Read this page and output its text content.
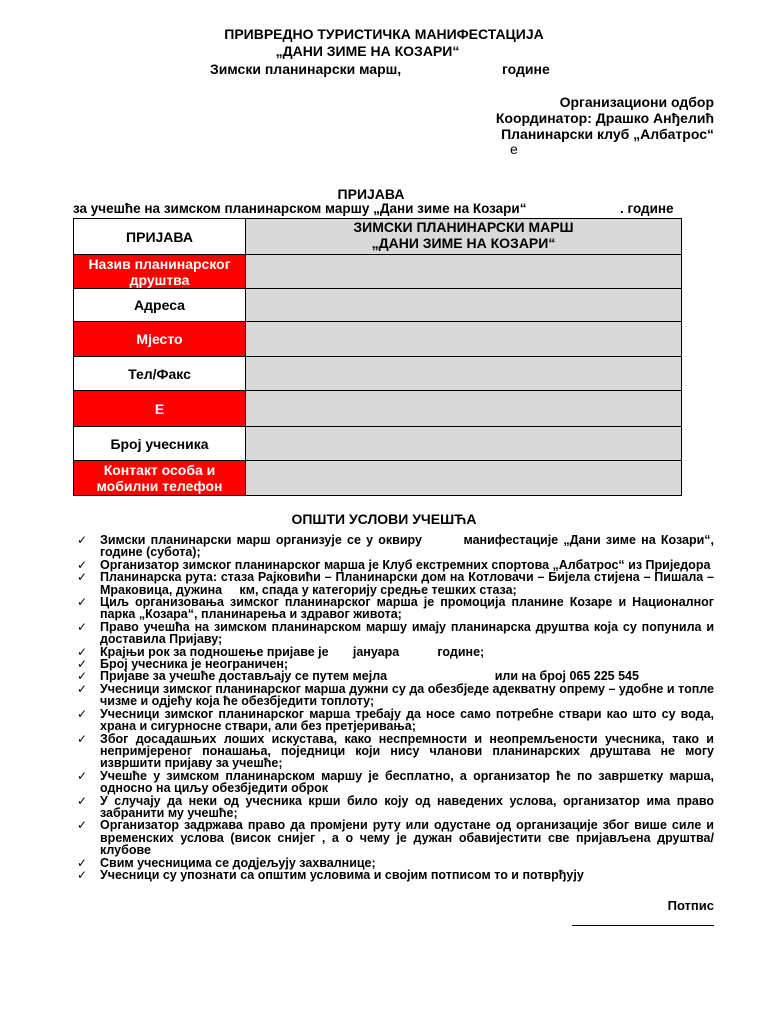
ПРИВРЕДНО ТУРИСТИЧКА МАНИФЕСТАЦИЈА
„ДАНИ ЗИМЕ НА КОЗАРИ“
Зимски планинарски марш,	године
Организациони одбор
Координатор: Драшко Анђелић
Планинарски клуб „Албатрос“
e
ПРИЈАВА
за учешће на зимском планинарском маршу „Дани зиме на Козари“	. године
ПРИЈАВА	ЗИМСКИ ПЛАНИНАРСКИ МАРШ
„ДАНИ ЗИМЕ НА КОЗАРИ“

Назив планинарског друштва	
Адреса	
Мјесто	
Тел/Факс	
Е	
Број учесника	
Контакт особа и мобилни телефон	
ОПШТИ УСЛОВИ УЧЕШЋА
✓ Зимски планинарски марш организује се у оквиру        манифестације „Дани зиме на Козари“,            године (субота);
✓ Организатор зимског планинарског марша је Клуб екстремних спортова „Албатрос“ из Приједора
✓ Планинарска рута: стаза Рајковићи – Планинарски дом на Котловачи – Бијела стијена – Пишала – Мраковица, дужина     км, спада у категорију средње тешких стаза;
✓ Циљ организовања зимског планинарског марша је промоција планине Козаре и Националног парка „Козара“, планинарења и здравог живота;
✓ Право учешћа на зимском планинарском маршу имају планинарска друштва која су попунила и доставила Пријаву;
✓ Крајњи рок за подношење пријаве је       јануара           године;
✓ Број учесника је неограничен;
✓ Пријаве за учешће достављају се путем мејла                               или на број 065 225 545
✓ Учесници зимског планинарског марша дужни су да обезбједе адекватну опрему – удобне и топле чизме и одјећу која ће обезбједити топлоту;
✓ Учесници зимског планинарског марша требају да носе само потребне ствари као што су вода, храна и сигурносне ствари, али без претјеривања;
✓ Због досадашњих лоших искустава, како неспремности и неопремљености учесника, тако и непримјереног понашања, поједници који нису чланови планинарских друштава не могу извршити пријаву за учешће;
✓ Учешће у зимском планинарском маршу је бесплатно, а организатор ће по завршетку марша, односно на циљу обезбједити оброк
✓ У случају да неки од учесника крши било коју од наведених услова, организатор има право забранити му учешће;
✓ Организатор задржава право да промјени руту или одустане од организације због више силе и временских услова (висок снијег , а о чему је дужан обавијестити све пријављена друштва/клубове
✓ Свим учесницима се додјељују захвалнице;
✓ Учесници су упознати са општим условима и својим потписом то и потврђују
Потпис
